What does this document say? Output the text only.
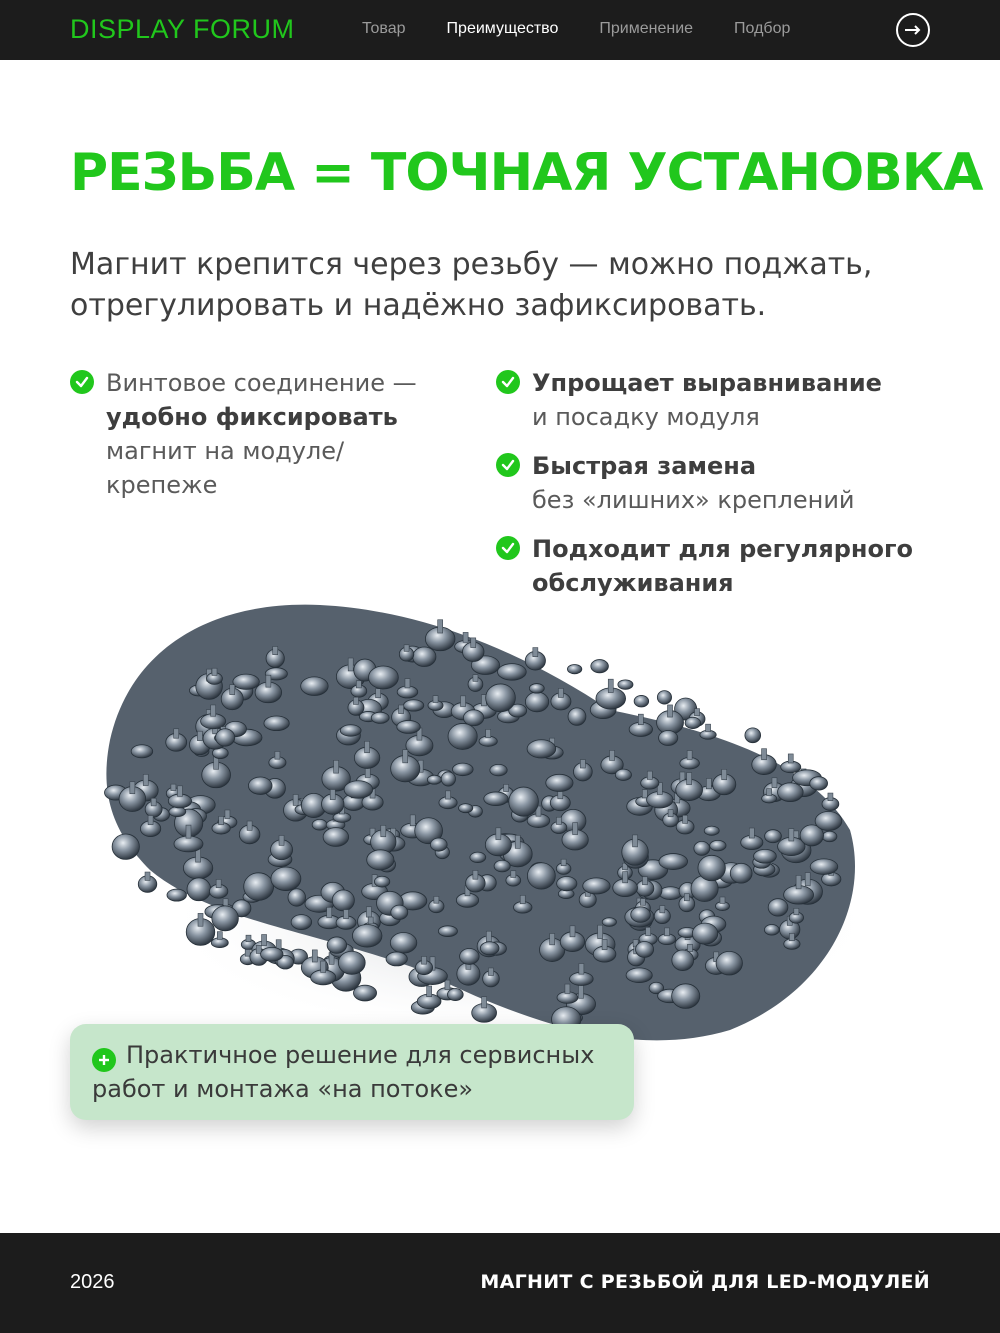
DISPLAY FORUM	Товар	Преимущество	Применение	Подбор
РЕЗЬБА = ТОЧНАЯ УСТАНОВКА

Магнит крепится через резьбу — можно поджать, отрегулировать и надёжно зафиксировать.

Винтовое соединение —
удобно фиксировать
магнит на модуле/ крепеже
Упрощает выравнивание
и посадку модуля
Быстрая замена
без «лишних» креплений
Подходит для регулярного обслуживания
Практичное решение для сервисных работ и монтажа «на потоке»
2026	МАГНИТ С РЕЗЬБОЙ ДЛЯ LED-МОДУЛЕЙ
